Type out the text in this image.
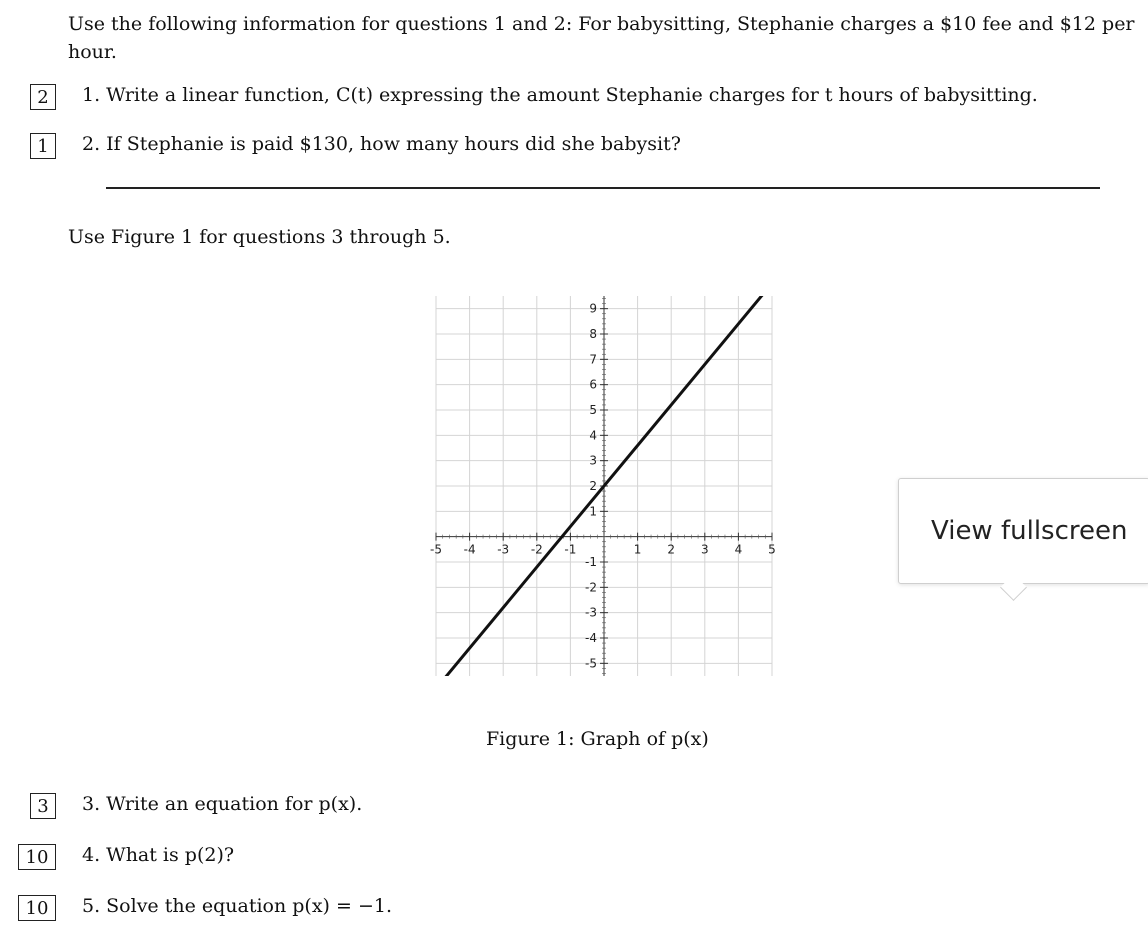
Use the following information for questions 1 and 2: For babysitting, Stephanie charges a $10 fee and $12 per hour.
2	1. Write a linear function, C(t) expressing the amount Stephanie charges for t hours of babysitting.
1	2. If Stephanie is paid $130, how many hours did she babysit?
Use Figure 1 for questions 3 through 5.
-5 -4 -3 -2 -1	1 2 3 4 5
-5
-4
-3
-2
-1
1
2
3
4
5
6
7
8
9
Figure 1: Graph of p(x)
3	3. Write an equation for p(x).
10	4. What is p(2)?
10	5. Solve the equation p(x) = −1.
View fullscreen
